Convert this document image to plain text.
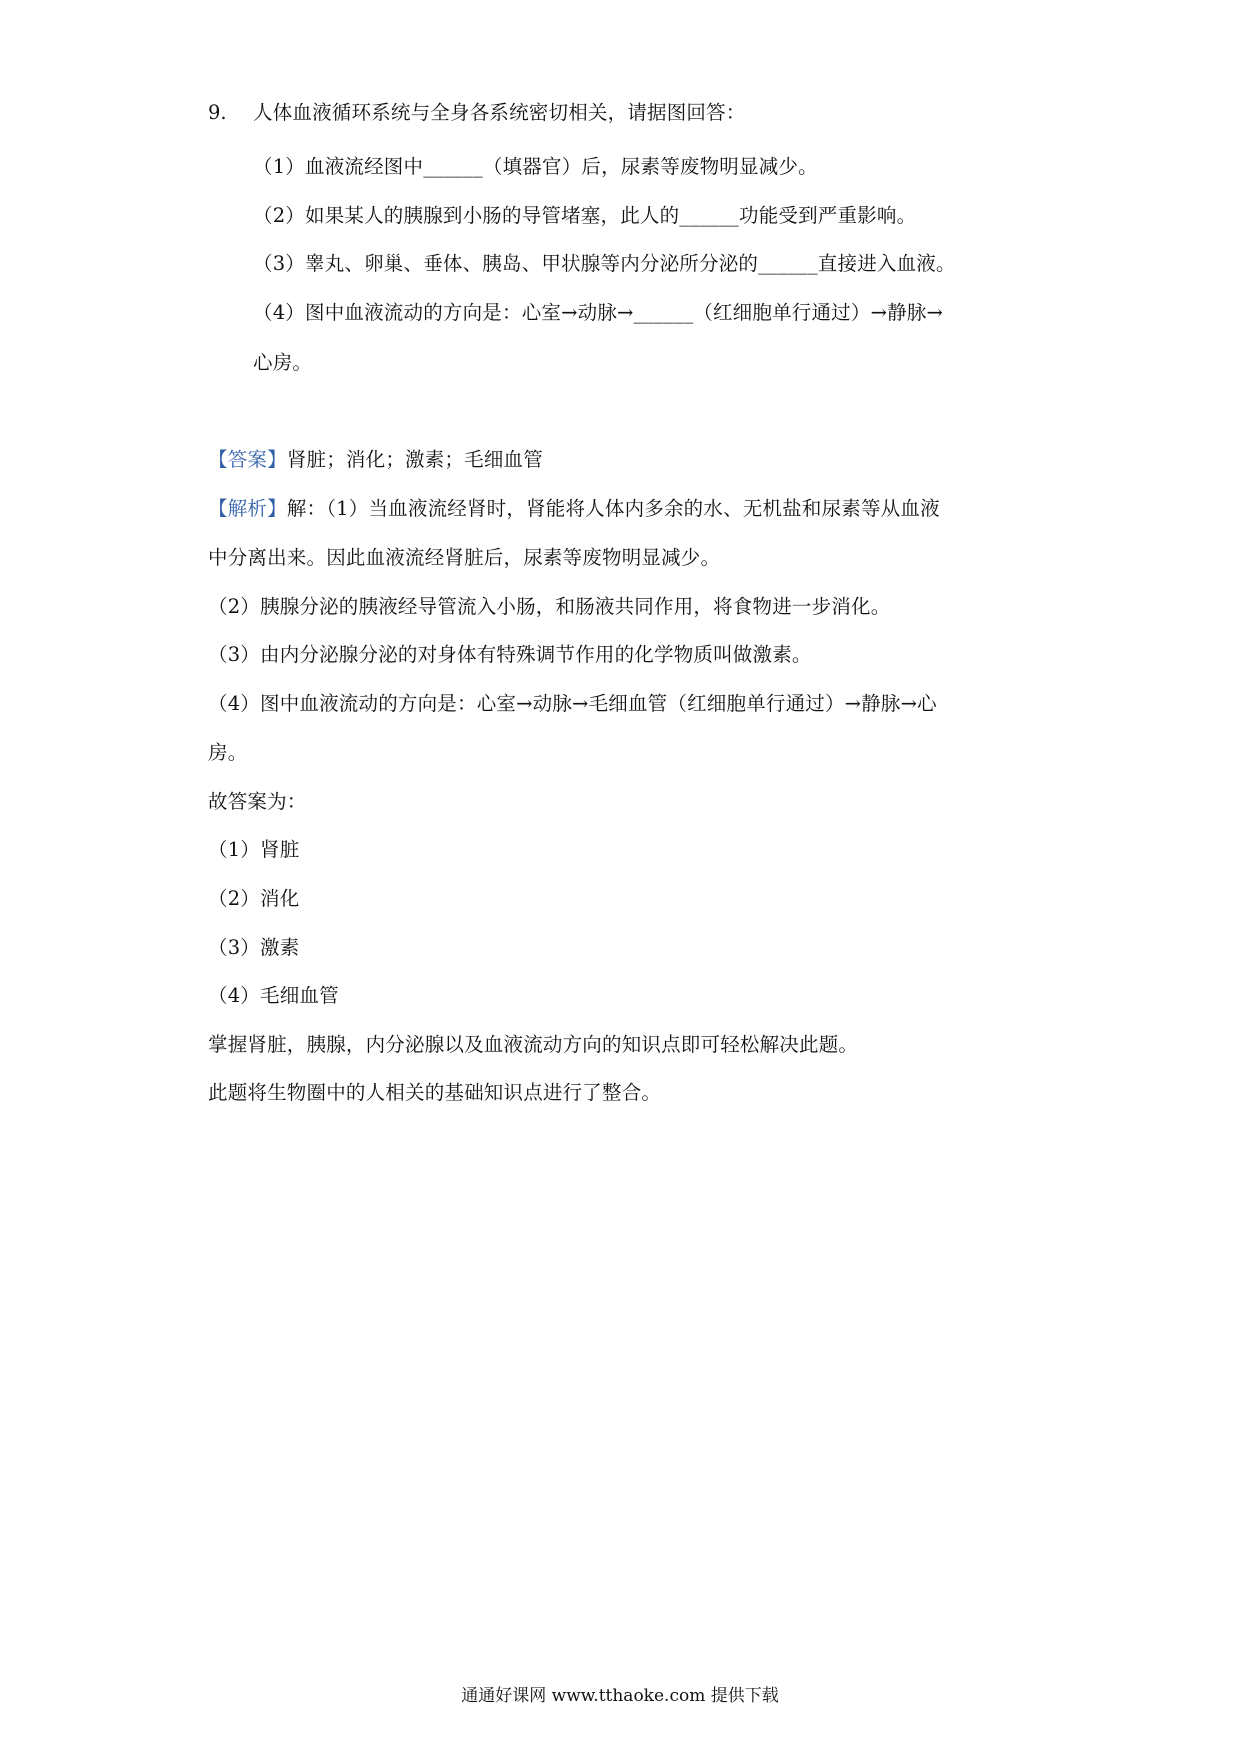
9. 人体血液循环系统与全身各系统密切相关，请据图回答：
（1）血液流经图中______（填器官）后，尿素等废物明显减少。
（2）如果某人的胰腺到小肠的导管堵塞，此人的______功能受到严重影响。
（3）睾丸、卵巢、垂体、胰岛、甲状腺等内分泌所分泌的______直接进入血液。
（4）图中血液流动的方向是：心室→动脉→______（红细胞单行通过）→静脉→
心房。
【答案】肾脏；消化；激素；毛细血管
【解析】解：（1）当血液流经肾时，肾能将人体内多余的水、无机盐和尿素等从血液
中分离出来。因此血液流经肾脏后，尿素等废物明显减少。
（2）胰腺分泌的胰液经导管流入小肠，和肠液共同作用，将食物进一步消化。
（3）由内分泌腺分泌的对身体有特殊调节作用的化学物质叫做激素。
（4）图中血液流动的方向是：心室→动脉→毛细血管（红细胞单行通过）→静脉→心
房。
故答案为：
（1）肾脏
（2）消化
（3）激素
（4）毛细血管
掌握肾脏，胰腺，内分泌腺以及血液流动方向的知识点即可轻松解决此题。
此题将生物圈中的人相关的基础知识点进行了整合。
通通好课网 www.tthaoke.com 提供下载
